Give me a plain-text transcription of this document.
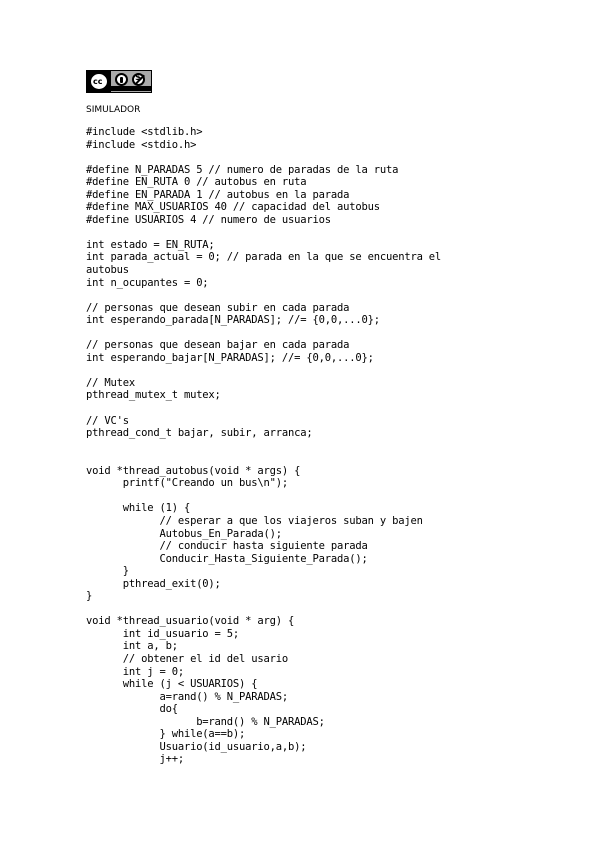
cc
$
SIMULADOR
#include <stdlib.h>
#include <stdio.h>

#define N_PARADAS 5 // numero de paradas de la ruta
#define EN_RUTA 0 // autobus en ruta
#define EN_PARADA 1 // autobus en la parada
#define MAX_USUARIOS 40 // capacidad del autobus
#define USUARIOS 4 // numero de usuarios

int estado = EN_RUTA;
int parada_actual = 0; // parada en la que se encuentra el
autobus
int n_ocupantes = 0;

// personas que desean subir en cada parada
int esperando_parada[N_PARADAS]; //= {0,0,...0};

// personas que desean bajar en cada parada
int esperando_bajar[N_PARADAS]; //= {0,0,...0};

// Mutex
pthread_mutex_t mutex;

// VC's
pthread_cond_t bajar, subir, arranca;

void *thread_autobus(void * args) {
printf("Creando un bus\n");

while (1) {
// esperar a que los viajeros suban y bajen
Autobus_En_Parada();
// conducir hasta siguiente parada
Conducir_Hasta_Siguiente_Parada();
}
pthread_exit(0);
}

void *thread_usuario(void * arg) {
int id_usuario = 5;
int a, b;
// obtener el id del usario
int j = 0;
while (j < USUARIOS) {
a=rand() % N_PARADAS;
do{
b=rand() % N_PARADAS;
} while(a==b);
Usuario(id_usuario,a,b);
j++;
